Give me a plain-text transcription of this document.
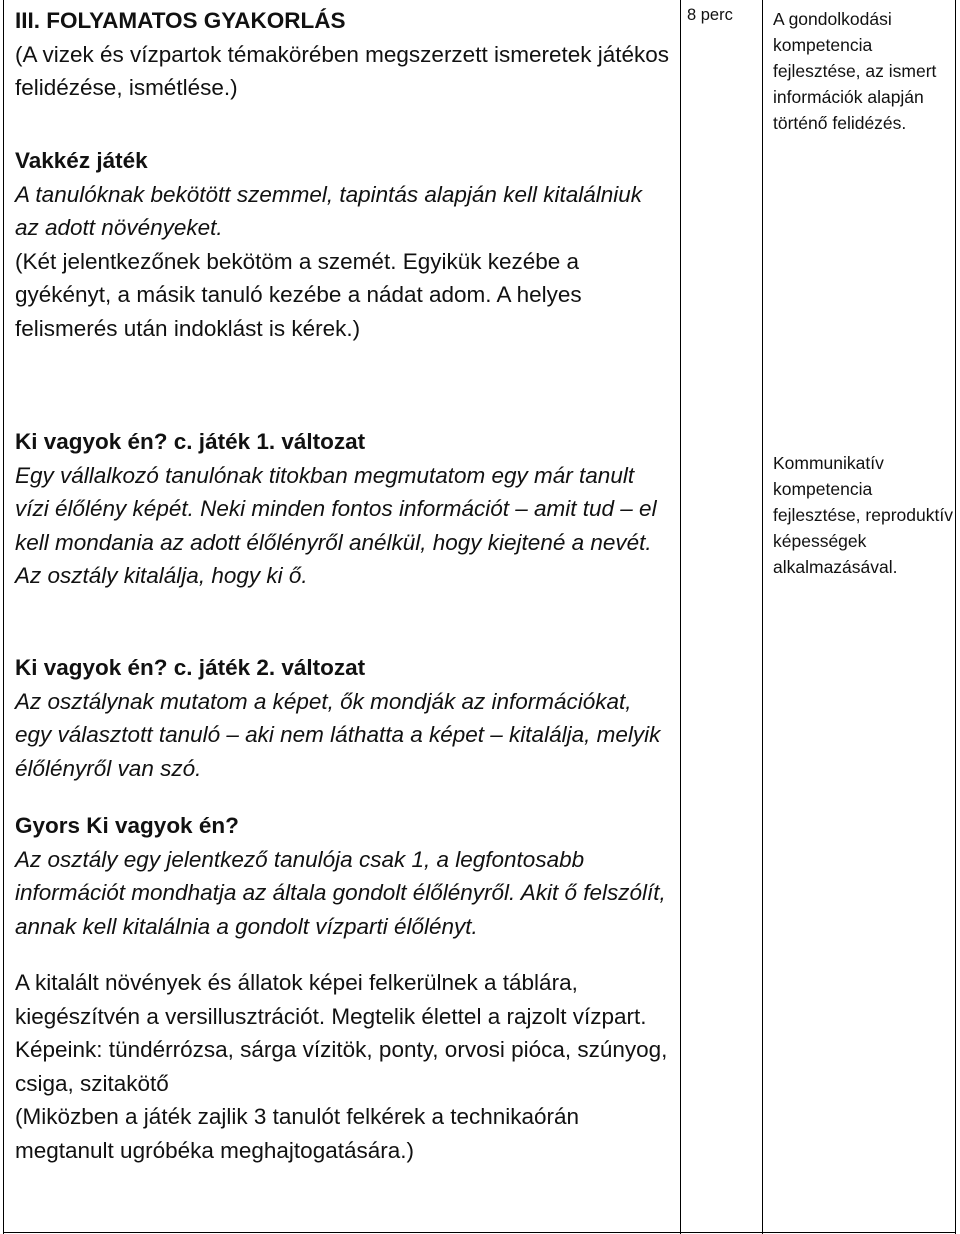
III. FOLYAMATOS GYAKORLÁS

(A vizek és vízpartok témakörében megszerzett ismeretek játékos felidézése, ismétlése.)

8 perc A gondolkodási kompetencia fejlesztése, az ismert információk alapján történő felidézés.

Vakkéz játék

A tanulóknak bekötött szemmel, tapintás alapján kell kitalálniuk az adott növényeket.

(Két jelentkezőnek bekötöm a szemét. Egyikük kezébe a gyékényt, a másik tanuló kezébe a nádat adom. A helyes felismerés után indoklást is kérek.)

Ki vagyok én? c. játék 1. változat

Egy vállalkozó tanulónak titokban megmutatom egy már tanult vízi élőlény képét. Neki minden fontos információt – amit tud – el kell mondania az adott élőlényről anélkül, hogy kiejtené a nevét.

Az osztály kitalálja, hogy ki ő.

Kommunikatív kompetencia fejlesztése, reproduktív képességek alkalmazásával.

Ki vagyok én? c. játék 2. változat

Az osztálynak mutatom a képet, ők mondják az információkat, egy választott tanuló – aki nem láthatta a képet – kitalálja, melyik élőlényről van szó.

Gyors Ki vagyok én?

Az osztály egy jelentkező tanulója csak 1, a legfontosabb információt mondhatja az általa gondolt élőlényről. Akit ő felszólít, annak kell kitalálnia a gondolt vízparti élőlényt.

A kitalált növények és állatok képei felkerülnek a táblára, kiegészítvén a versillusztrációt. Megtelik élettel a rajzolt vízpart.

Képeink: tündérrózsa, sárga vízitök, ponty, orvosi pióca, szúnyog, csiga, szitakötő

(Miközben a játék zajlik 3 tanulót felkérek a technikaórán megtanult ugróbéka meghajtogatására.)
